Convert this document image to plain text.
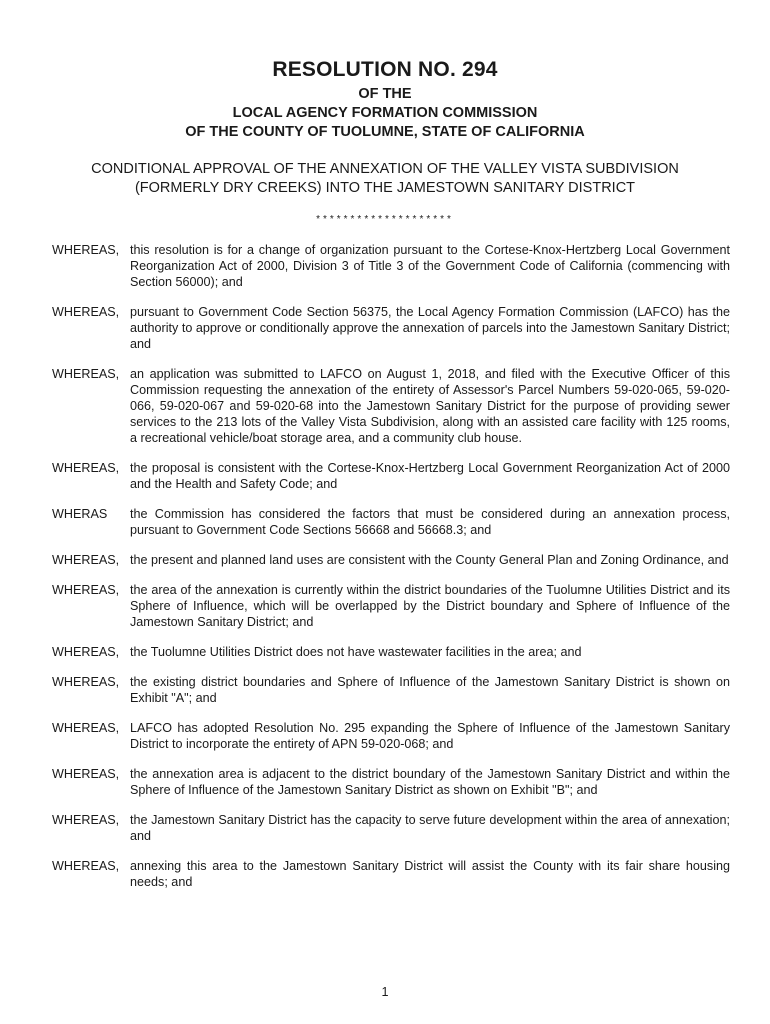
RESOLUTION NO. 294
OF THE
LOCAL AGENCY FORMATION COMMISSION
OF THE COUNTY OF TUOLUMNE, STATE OF CALIFORNIA
CONDITIONAL APPROVAL OF THE ANNEXATION OF THE VALLEY VISTA SUBDIVISION
(FORMERLY DRY CREEKS) INTO THE JAMESTOWN SANITARY DISTRICT
********************
WHEREAS, this resolution is for a change of organization pursuant to the Cortese-Knox-Hertzberg Local Government Reorganization Act of 2000, Division 3 of Title 3 of the Government Code of California (commencing with Section 56000); and
WHEREAS, pursuant to Government Code Section 56375, the Local Agency Formation Commission (LAFCO) has the authority to approve or conditionally approve the annexation of parcels into the Jamestown Sanitary District; and
WHEREAS, an application was submitted to LAFCO on August 1, 2018, and filed with the Executive Officer of this Commission requesting the annexation of the entirety of Assessor's Parcel Numbers 59-020-065, 59-020-066, 59-020-067 and 59-020-68 into the Jamestown Sanitary District for the purpose of providing sewer services to the 213 lots of the Valley Vista Subdivision, along with an assisted care facility with 125 rooms, a recreational vehicle/boat storage area, and a community club house.
WHEREAS, the proposal is consistent with the Cortese-Knox-Hertzberg Local Government Reorganization Act of 2000 and the Health and Safety Code; and
WHERAS the Commission has considered the factors that must be considered during an annexation process, pursuant to Government Code Sections 56668 and 56668.3; and
WHEREAS, the present and planned land uses are consistent with the County General Plan and Zoning Ordinance, and
WHEREAS, the area of the annexation is currently within the district boundaries of the Tuolumne Utilities District and its Sphere of Influence, which will be overlapped by the District boundary and Sphere of Influence of the Jamestown Sanitary District; and
WHEREAS, the Tuolumne Utilities District does not have wastewater facilities in the area; and
WHEREAS, the existing district boundaries and Sphere of Influence of the Jamestown Sanitary District is shown on Exhibit "A"; and
WHEREAS, LAFCO has adopted Resolution No. 295 expanding the Sphere of Influence of the Jamestown Sanitary District to incorporate the entirety of APN 59-020-068; and
WHEREAS, the annexation area is adjacent to the district boundary of the Jamestown Sanitary District and within the Sphere of Influence of the Jamestown Sanitary District as shown on Exhibit "B"; and
WHEREAS, the Jamestown Sanitary District has the capacity to serve future development within the area of annexation; and
WHEREAS, annexing this area to the Jamestown Sanitary District will assist the County with its fair share housing needs; and
1
